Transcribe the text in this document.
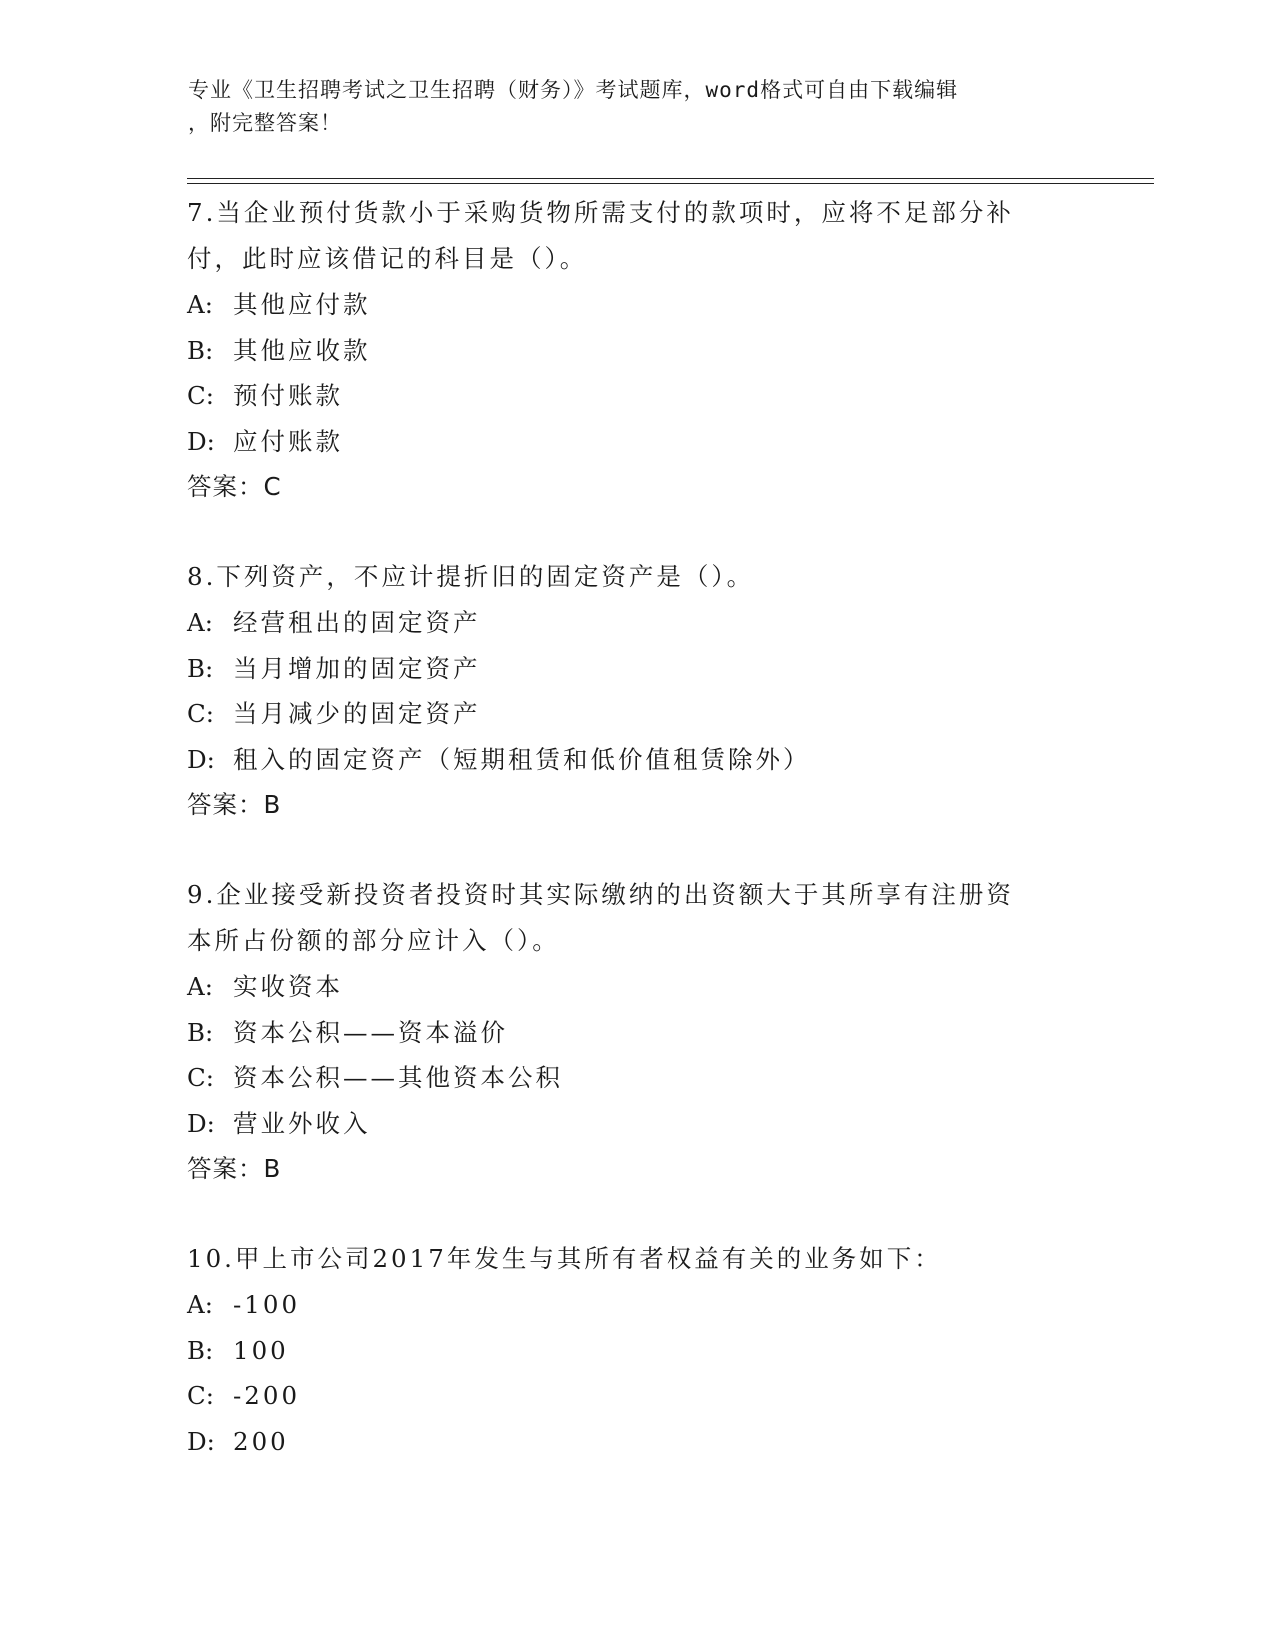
专业《卫生招聘考试之卫生招聘（财务）》考试题库，word格式可自由下载编辑
，附完整答案！

7.当企业预付货款小于采购货物所需支付的款项时，应将不足部分补
付，此时应该借记的科目是（）。

A: 其他应付款

B: 其他应收款

C: 预付账款

D: 应付账款

答案：C

8.下列资产，不应计提折旧的固定资产是（）。

A: 经营租出的固定资产

B: 当月增加的固定资产

C: 当月减少的固定资产

D: 租入的固定资产（短期租赁和低价值租赁除外）

答案：B

9.企业接受新投资者投资时其实际缴纳的出资额大于其所享有注册资
本所占份额的部分应计入（）。

A: 实收资本

B: 资本公积——资本溢价

C: 资本公积——其他资本公积

D: 营业外收入

答案：B

10.甲上市公司2017年发生与其所有者权益有关的业务如下：

A: -100

B: 100

C: -200

D: 200
